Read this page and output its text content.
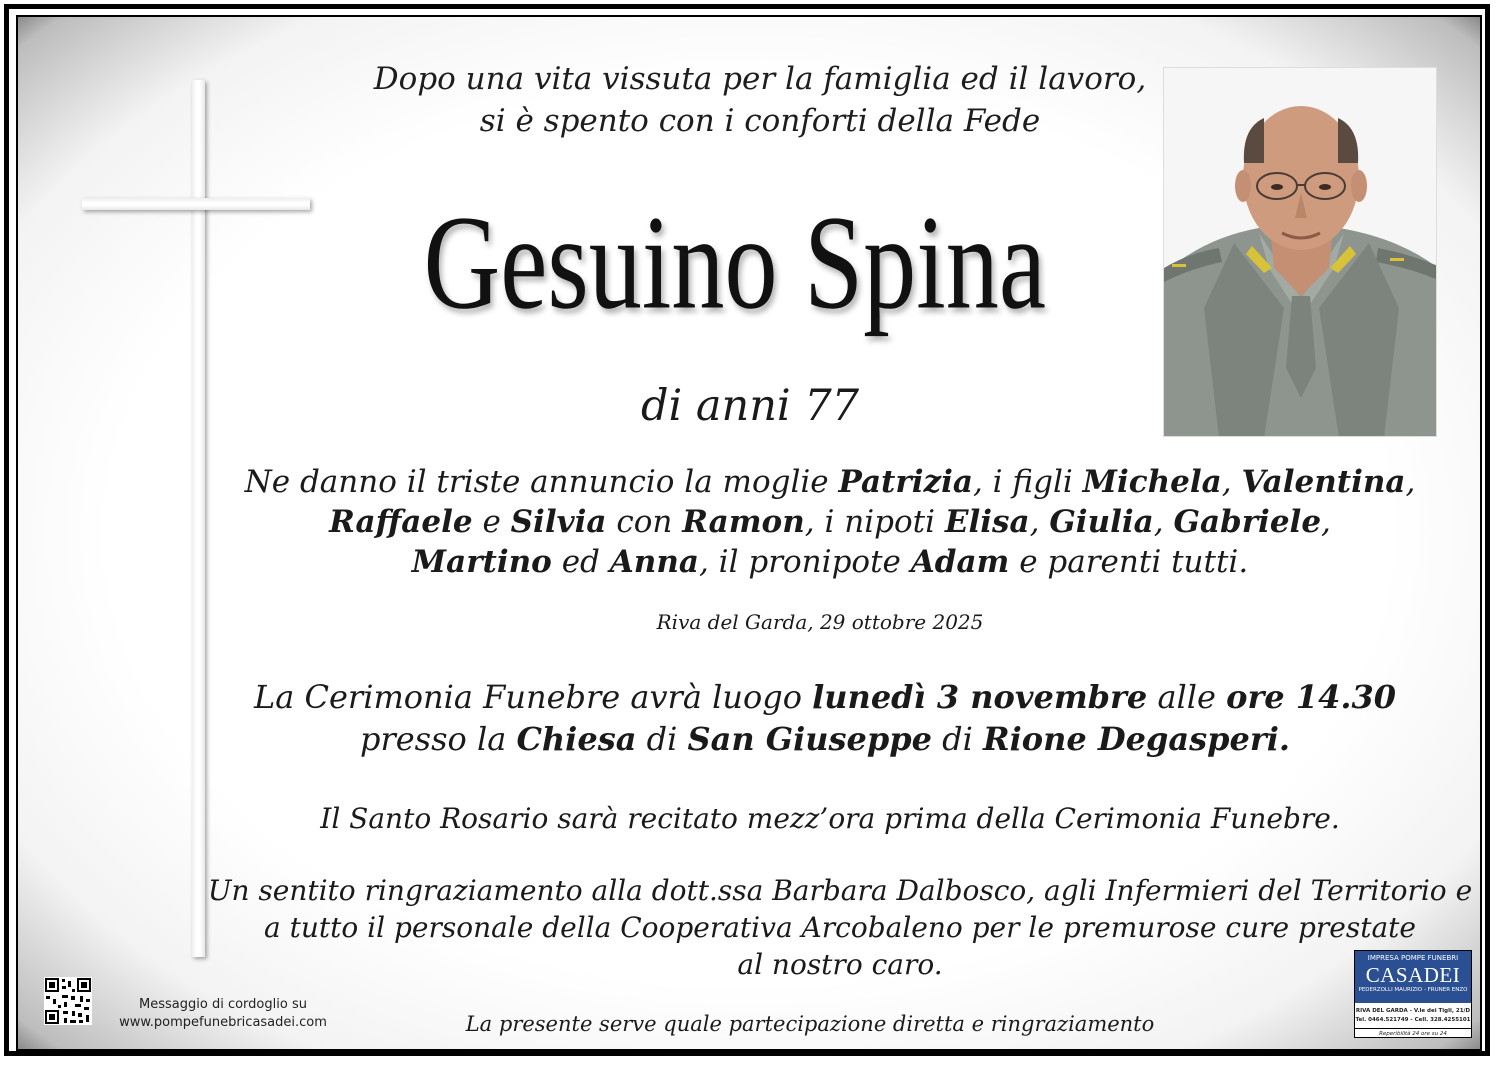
Dopo una vita vissuta per la famiglia ed il lavoro,
si è spento con i conforti della Fede
Gesuino Spina
di anni 77
Ne danno il triste annuncio la moglie Patrizia, i figli Michela, Valentina,
Raffaele e Silvia con Ramon, i nipoti Elisa, Giulia, Gabriele,
Martino ed Anna, il pronipote Adam e parenti tutti.
Riva del Garda, 29 ottobre 2025
La Cerimonia Funebre avrà luogo lunedì 3 novembre alle ore 14.30
presso la Chiesa di San Giuseppe di Rione Degasperi.
Il Santo Rosario sarà recitato mezz’ora prima della Cerimonia Funebre.
Un sentito ringraziamento alla dott.ssa Barbara Dalbosco, agli Infermieri del Territorio e
a tutto il personale della Cooperativa Arcobaleno per le premurose cure prestate
al nostro caro.
La presente serve quale partecipazione diretta e ringraziamento
Messaggio di cordoglio su
www.pompefunebricasadei.com
IMPRESA POMPE FUNEBRI
CASADEI
PEDERZOLLI MAURIZIO - FRUNER ENZO
RIVA DEL GARDA - V.le dei Tigli, 21/D
Tel. 0464.521749 - Cell. 328.4255101
Reperibilità 24 ore su 24
